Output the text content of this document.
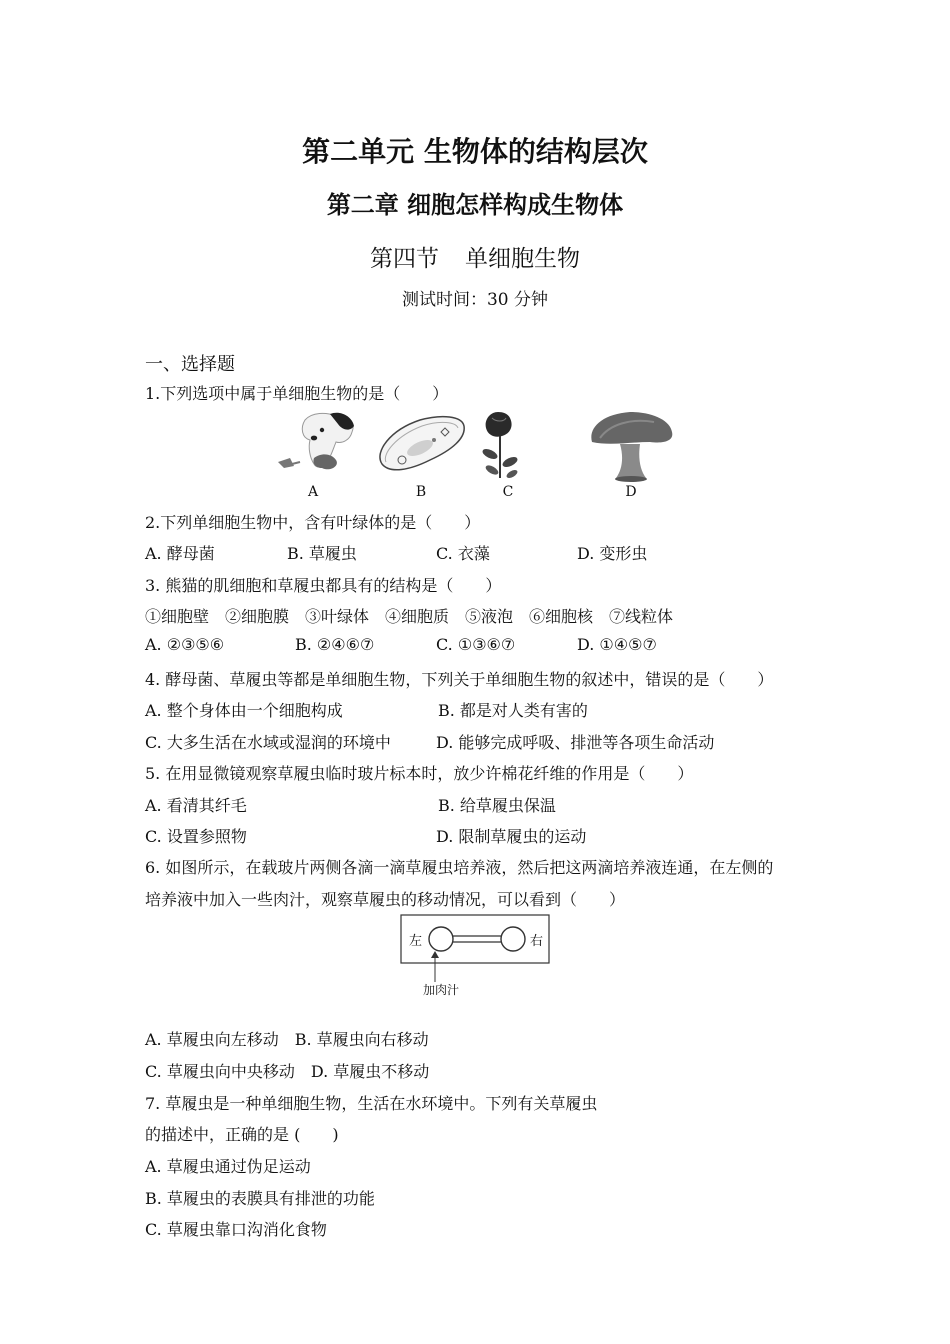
第二单元 生物体的结构层次
第二章 细胞怎样构成生物体
第四节 单细胞生物
测试时间：30 分钟
一、选择题
1.下列选项中属于单细胞生物的是（　　）
A	B	C	D
2.下列单细胞生物中，含有叶绿体的是（　　）
A. 酵母菌	B. 草履虫	C. 衣藻	D. 变形虫
3. 熊猫的肌细胞和草履虫都具有的结构是（　　）
①细胞壁　②细胞膜　③叶绿体　④细胞质　⑤液泡　⑥细胞核　⑦线粒体
A. ②③⑤⑥	B. ②④⑥⑦	C. ①③⑥⑦	D. ①④⑤⑦
4. 酵母菌、草履虫等都是单细胞生物，下列关于单细胞生物的叙述中，错误的是（　　）
A. 整个身体由一个细胞构成	B. 都是对人类有害的
C. 大多生活在水域或湿润的环境中	D. 能够完成呼吸、排泄等各项生命活动
5. 在用显微镜观察草履虫临时玻片标本时，放少许棉花纤维的作用是（　　）
A. 看清其纤毛	B. 给草履虫保温
C. 设置参照物	D. 限制草履虫的运动
6. 如图所示，在载玻片两侧各滴一滴草履虫培养液，然后把这两滴培养液连通，在左侧的
培养液中加入一些肉汁，观察草履虫的移动情况，可以看到（　　）
左	右
加肉汁
A. 草履虫向左移动　B. 草履虫向右移动
C. 草履虫向中央移动　D. 草履虫不移动
7. 草履虫是一种单细胞生物，生活在水环境中。下列有关草履虫
的描述中，正确的是 (　　)
A. 草履虫通过伪足运动
B. 草履虫的表膜具有排泄的功能
C. 草履虫靠口沟消化食物
